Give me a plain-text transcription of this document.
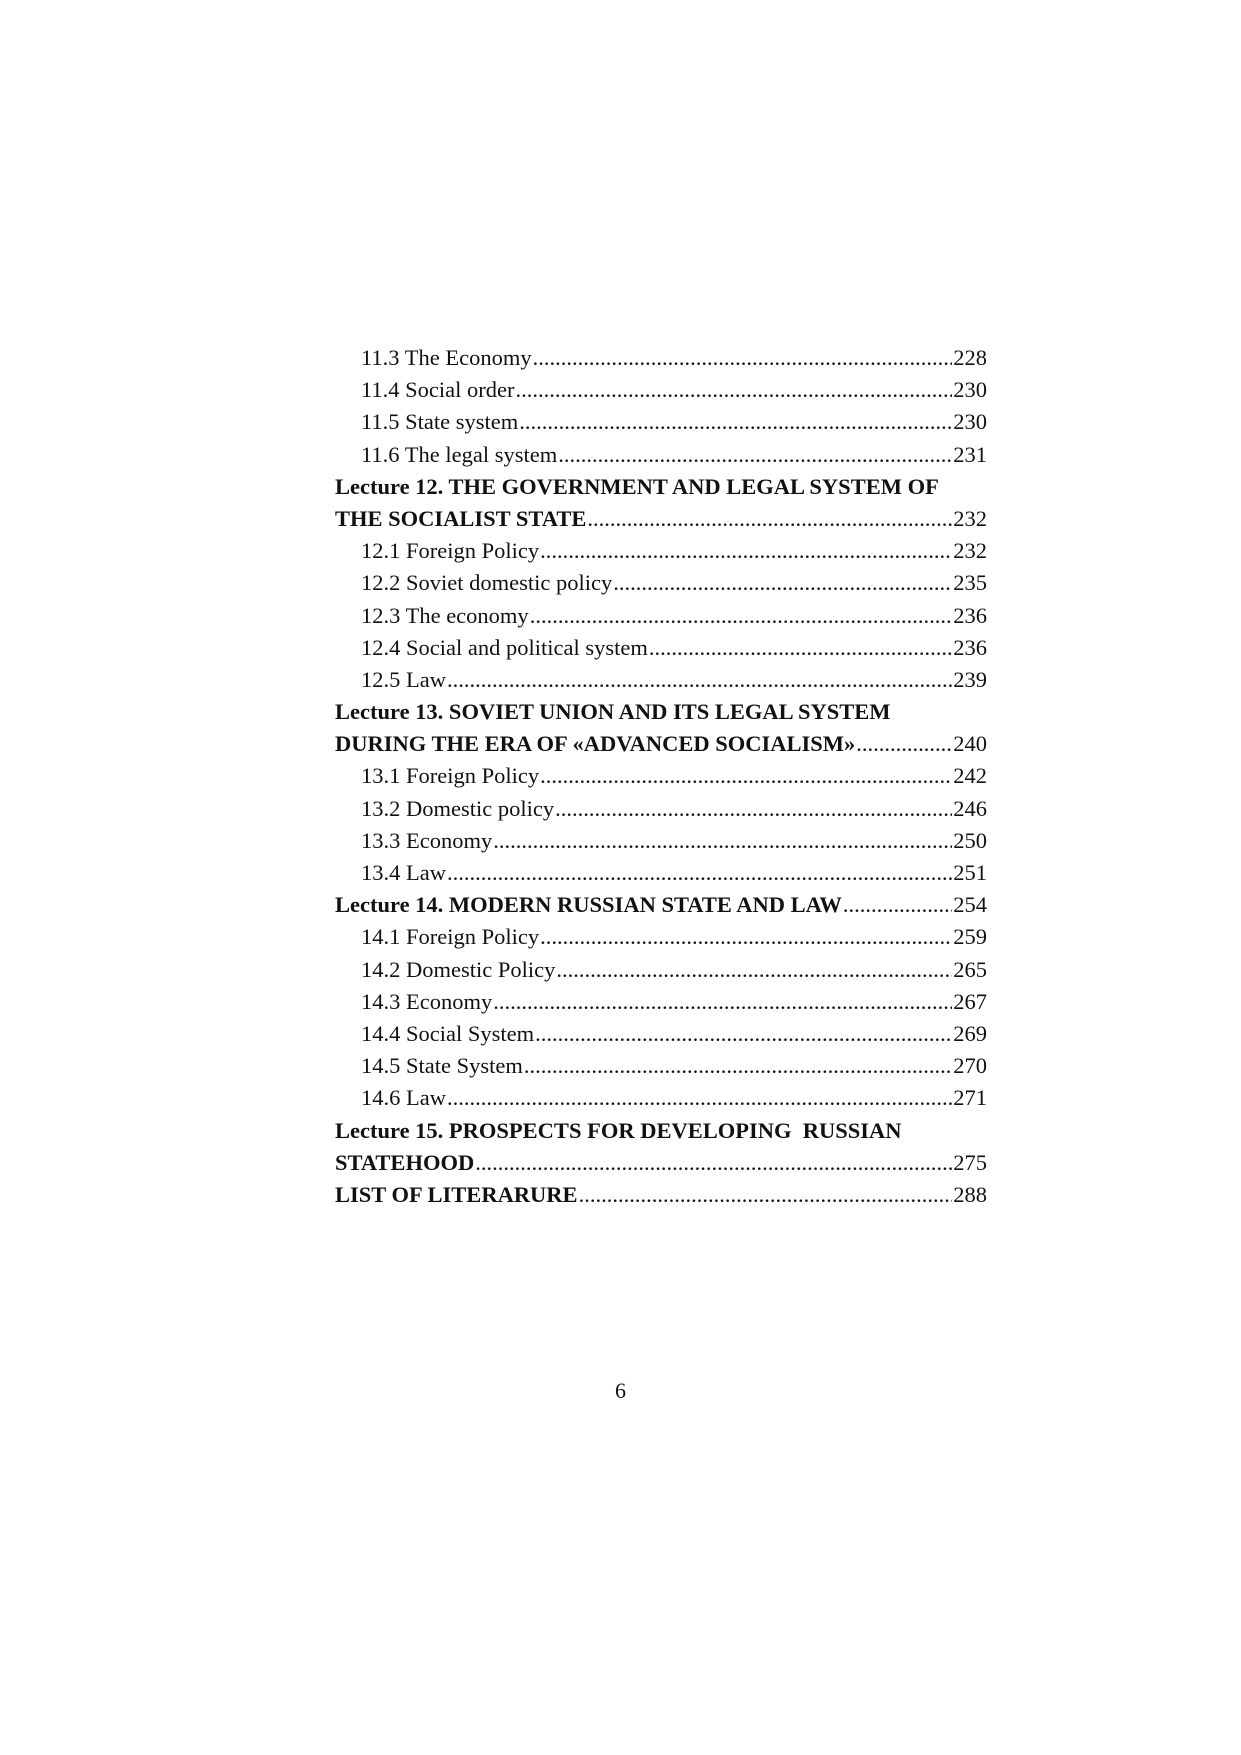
11.3 The Economy .....	228
11.4 Social order .....	230
11.5 State system .....	230
11.6 The legal system .....	231
Lecture 12. THE GOVERNMENT AND LEGAL SYSTEM OF
THE SOCIALIST STATE .....	232
12.1 Foreign Policy .....	232
12.2 Soviet domestic policy .....	235
12.3 The economy .....	236
12.4 Social and political system .....	236
12.5 Law .....	239
Lecture 13. SOVIET UNION AND ITS LEGAL SYSTEM
DURING THE ERA OF «ADVANCED SOCIALISM» .....	240
13.1 Foreign Policy .....	242
13.2 Domestic policy .....	246
13.3 Economy .....	250
13.4 Law .....	251
Lecture 14. MODERN RUSSIAN STATE AND LAW .....	254
14.1 Foreign Policy .....	259
14.2 Domestic Policy .....	265
14.3 Economy .....	267
14.4 Social System .....	269
14.5 State System .....	270
14.6 Law .....	271
Lecture 15. PROSPECTS FOR DEVELOPING  RUSSIAN
STATEHOOD .....	275
LIST OF LITERARURE .....	288
6
